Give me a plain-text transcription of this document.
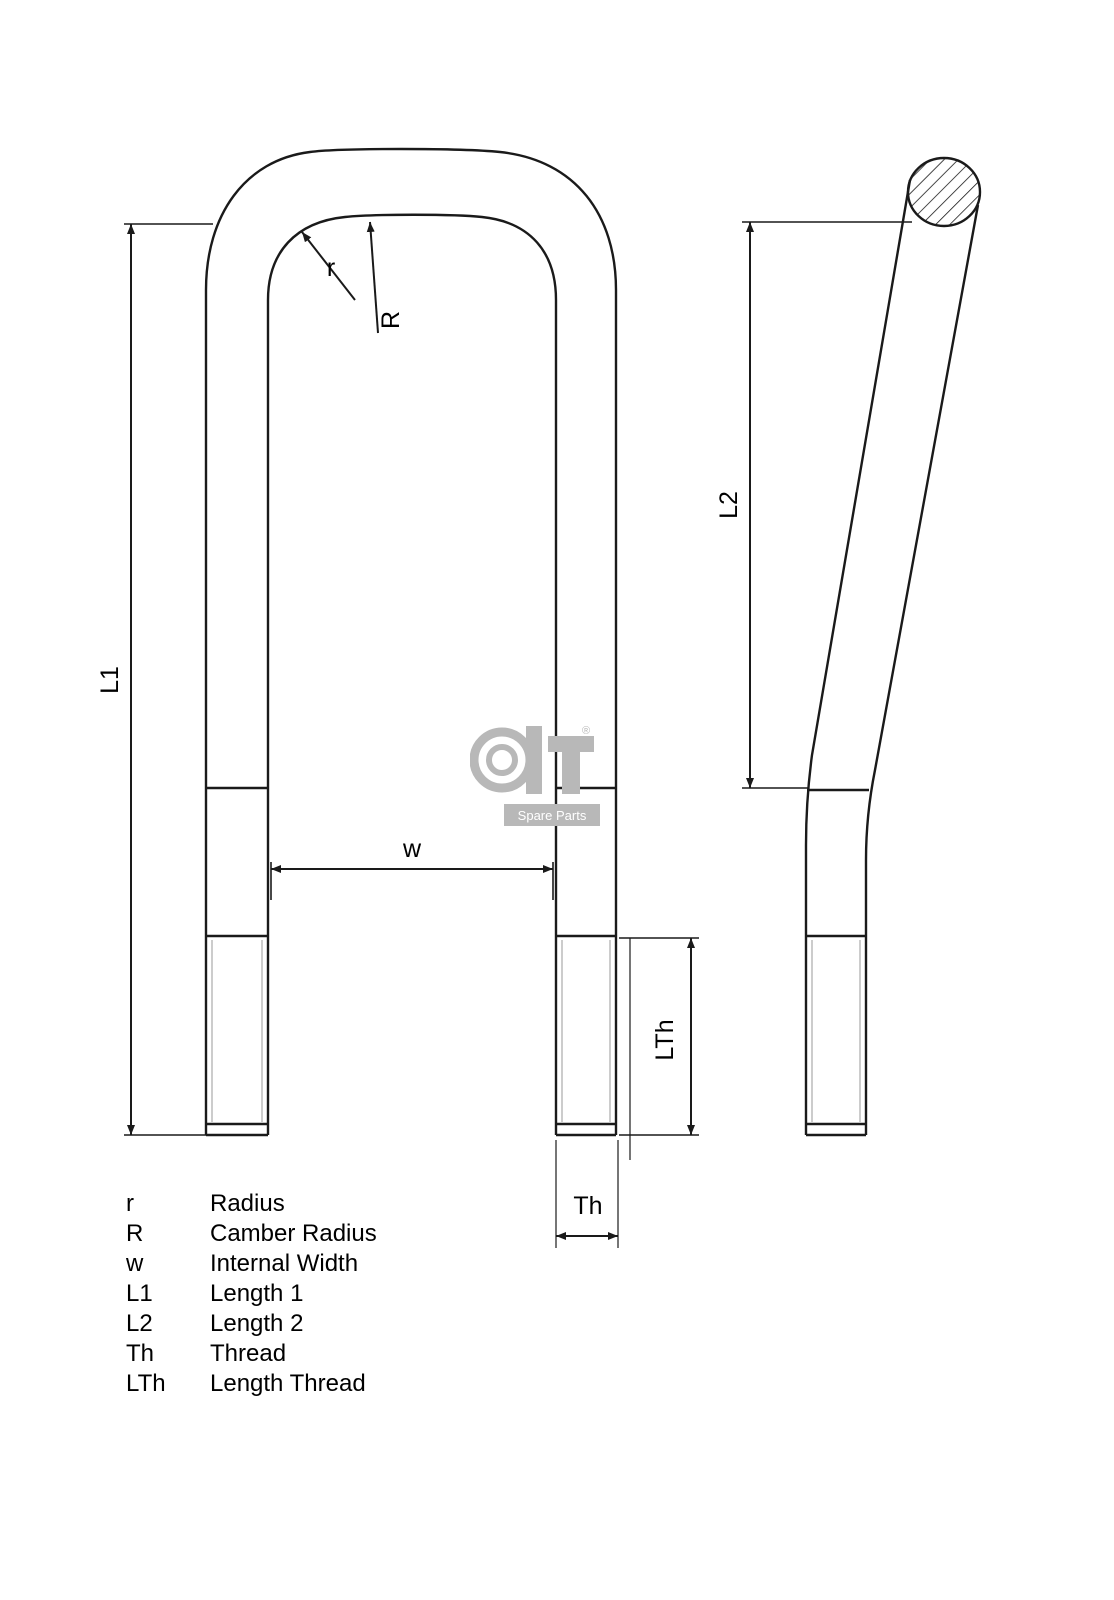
r
R
L1
w
LTh
Th
L2
®
Spare Parts
r	Radius
R	Camber Radius
w	Internal Width
L1	Length 1
L2	Length 2
Th	Thread
LTh	Length Thread
